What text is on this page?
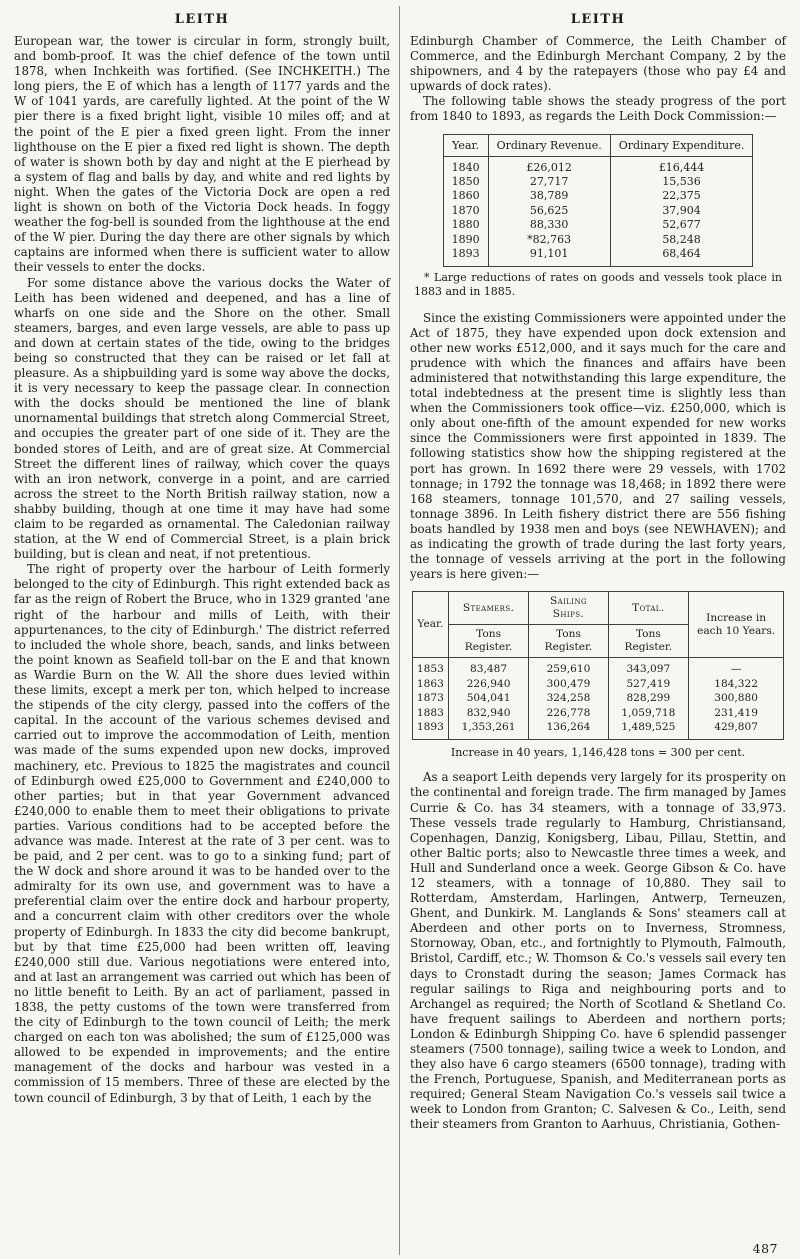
LEITH

European war, the tower is circular in form, strongly built, and bomb-proof. It was the chief defence of the town until 1878, when Inchkeith was fortified. (See INCHKEITH.) The long piers, the E of which has a length of 1177 yards and the W of 1041 yards, are carefully lighted. At the point of the W pier there is a fixed bright light, visible 10 miles off; and at the point of the E pier a fixed green light. From the inner lighthouse on the E pier a fixed red light is shown. The depth of water is shown both by day and night at the E pierhead by a system of flag and balls by day, and white and red lights by night. When the gates of the Victoria Dock are open a red light is shown on both of the Victoria Dock heads. In foggy weather the fog-bell is sounded from the lighthouse at the end of the W pier. During the day there are other signals by which captains are informed when there is sufficient water to allow their vessels to enter the docks.

For some distance above the various docks the Water of Leith has been widened and deepened, and has a line of wharfs on one side and the Shore on the other. Small steamers, barges, and even large vessels, are able to pass up and down at certain states of the tide, owing to the bridges being so constructed that they can be raised or let fall at pleasure. As a shipbuilding yard is some way above the docks, it is very necessary to keep the passage clear. In connection with the docks should be mentioned the line of blank unornamental buildings that stretch along Commercial Street, and occupies the greater part of one side of it. They are the bonded stores of Leith, and are of great size. At Commercial Street the different lines of railway, which cover the quays with an iron network, converge in a point, and are carried across the street to the North British railway station, now a shabby building, though at one time it may have had some claim to be regarded as ornamental. The Caledonian railway station, at the W end of Commercial Street, is a plain brick building, but is clean and neat, if not pretentious.

The right of property over the harbour of Leith formerly belonged to the city of Edinburgh. This right extended back as far as the reign of Robert the Bruce, who in 1329 granted 'ane right of the harbour and mills of Leith, with their appurtenances, to the city of Edinburgh.' The district referred to included the whole shore, beach, sands, and links between the point known as Seafield toll-bar on the E and that known as Wardie Burn on the W. All the shore dues levied within these limits, except a merk per ton, which helped to increase the stipends of the city clergy, passed into the coffers of the capital. In the account of the various schemes devised and carried out to improve the accommodation of Leith, mention was made of the sums expended upon new docks, improved machinery, etc. Previous to 1825 the magistrates and council of Edinburgh owed £25,000 to Government and £240,000 to other parties; but in that year Government advanced £240,000 to enable them to meet their obligations to private parties. Various conditions had to be accepted before the advance was made. Interest at the rate of 3 per cent. was to be paid, and 2 per cent. was to go to a sinking fund; part of the W dock and shore around it was to be handed over to the admiralty for its own use, and government was to have a preferential claim over the entire dock and harbour property, and a concurrent claim with other creditors over the whole property of Edinburgh. In 1833 the city did become bankrupt, but by that time £25,000 had been written off, leaving £240,000 still due. Various negotiations were entered into, and at last an arrangement was carried out which has been of no little benefit to Leith. By an act of parliament, passed in 1838, the petty customs of the town were transferred from the city of Edinburgh to the town council of Leith; the merk charged on each ton was abolished; the sum of £125,000 was allowed to be expended in improvements; and the entire management of the docks and harbour was vested in a commission of 15 members. Three of these are elected by the town council of Edinburgh, 3 by that of Leith, 1 each by the

LEITH

Edinburgh Chamber of Commerce, the Leith Chamber of Commerce, and the Edinburgh Merchant Company, 2 by the shipowners, and 4 by the ratepayers (those who pay £4 and upwards of dock rates).

The following table shows the steady progress of the port from 1840 to 1893, as regards the Leith Dock Commission:—

Year.	Ordinary Revenue.	Ordinary Expenditure.
1840	£26,012	£16,444
1850	27,717	15,536
1860	38,789	22,375
1870	56,625	37,904
1880	88,330	52,677
1890	*82,763	58,248
1893	91,101	68,464

* Large reductions of rates on goods and vessels took place in 1883 and in 1885.

Since the existing Commissioners were appointed under the Act of 1875, they have expended upon dock extension and other new works £512,000, and it says much for the care and prudence with which the finances and affairs have been administered that notwithstanding this large expenditure, the total indebtedness at the present time is slightly less than when the Commissioners took office—viz. £250,000, which is only about one-fifth of the amount expended for new works since the Commissioners were first appointed in 1839. The following statistics show how the shipping registered at the port has grown. In 1692 there were 29 vessels, with 1702 tonnage; in 1792 the tonnage was 18,468; in 1892 there were 168 steamers, tonnage 101,570, and 27 sailing vessels, tonnage 3896. In Leith fishery district there are 556 fishing boats handled by 1938 men and boys (see NEWHAVEN); and as indicating the growth of trade during the last forty years, the tonnage of vessels arriving at the port in the following years is here given:—

Year.	Steamers.	Sailing Ships.	Total.	Increase in each 10 Years.
	Tons Register.	Tons Register.	Tons Register.	
1853	83,487	259,610	343,097	—
1863	226,940	300,479	527,419	184,322
1873	504,041	324,258	828,299	300,880
1883	832,940	226,778	1,059,718	231,419
1893	1,353,261	136,264	1,489,525	429,807

Increase in 40 years, 1,146,428 tons = 300 per cent.

As a seaport Leith depends very largely for its prosperity on the continental and foreign trade. The firm managed by James Currie & Co. has 34 steamers, with a tonnage of 33,973. These vessels trade regularly to Hamburg, Christiansand, Copenhagen, Danzig, Konigsberg, Libau, Pillau, Stettin, and other Baltic ports; also to Newcastle three times a week, and Hull and Sunderland once a week. George Gibson & Co. have 12 steamers, with a tonnage of 10,880. They sail to Rotterdam, Amsterdam, Harlingen, Antwerp, Terneuzen, Ghent, and Dunkirk. M. Langlands & Sons' steamers call at Aberdeen and other ports on to Inverness, Stromness, Stornoway, Oban, etc., and fortnightly to Plymouth, Falmouth, Bristol, Cardiff, etc.; W. Thomson & Co.'s vessels sail every ten days to Cronstadt during the season; James Cormack has regular sailings to Riga and neighbouring ports and to Archangel as required; the North of Scotland & Shetland Co. have frequent sailings to Aberdeen and northern ports; London & Edinburgh Shipping Co. have 6 splendid passenger steamers (7500 tonnage), sailing twice a week to London, and they also have 6 cargo steamers (6500 tonnage), trading with the French, Portuguese, Spanish, and Mediterranean ports as required; General Steam Navigation Co.'s vessels sail twice a week to London from Granton; C. Salvesen & Co., Leith, send their steamers from Granton to Aarhuus, Christiania, Gothen-

487
